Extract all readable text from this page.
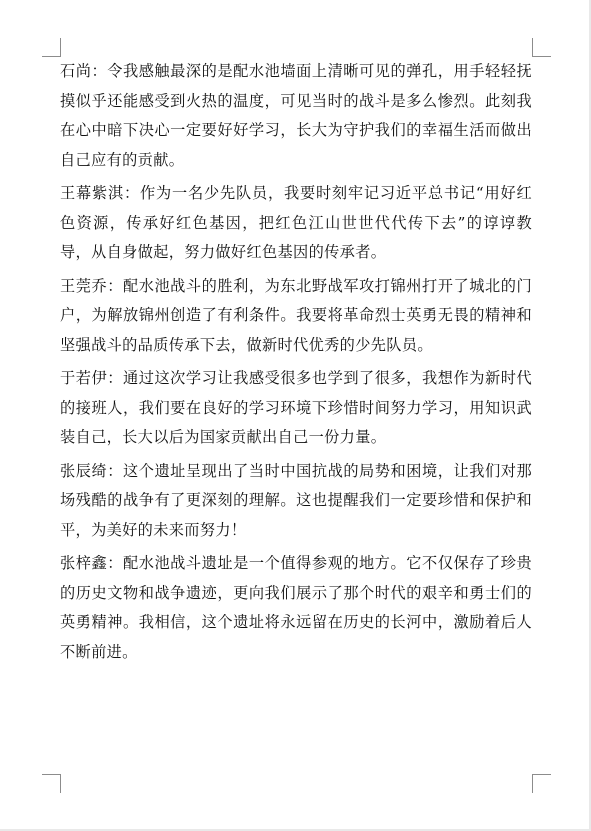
石尚：令我感触最深的是配水池墙面上清晰可见的弹孔，用手轻轻抚摸似乎还能感受到火热的温度，可见当时的战斗是多么惨烈。此刻我在心中暗下决心一定要好好学习，长大为守护我们的幸福生活而做出自己应有的贡献。

王幕紫淇：作为一名少先队员，我要时刻牢记习近平总书记“用好红色资源，传承好红色基因，把红色江山世世代代传下去”的谆谆教导，从自身做起，努力做好红色基因的传承者。

王莞乔：配水池战斗的胜利，为东北野战军攻打锦州打开了城北的门户，为解放锦州创造了有利条件。我要将革命烈士英勇无畏的精神和坚强战斗的品质传承下去，做新时代优秀的少先队员。

于若伊：通过这次学习让我感受很多也学到了很多，我想作为新时代的接班人，我们要在良好的学习环境下珍惜时间努力学习，用知识武装自己，长大以后为国家贡献出自己一份力量。

张辰绮：这个遗址呈现出了当时中国抗战的局势和困境，让我们对那场残酷的战争有了更深刻的理解。这也提醒我们一定要珍惜和保护和平，为美好的未来而努力！

张梓鑫：配水池战斗遗址是一个值得参观的地方。它不仅保存了珍贵的历史文物和战争遗迹，更向我们展示了那个时代的艰辛和勇士们的英勇精神。我相信，这个遗址将永远留在历史的长河中，激励着后人不断前进。
